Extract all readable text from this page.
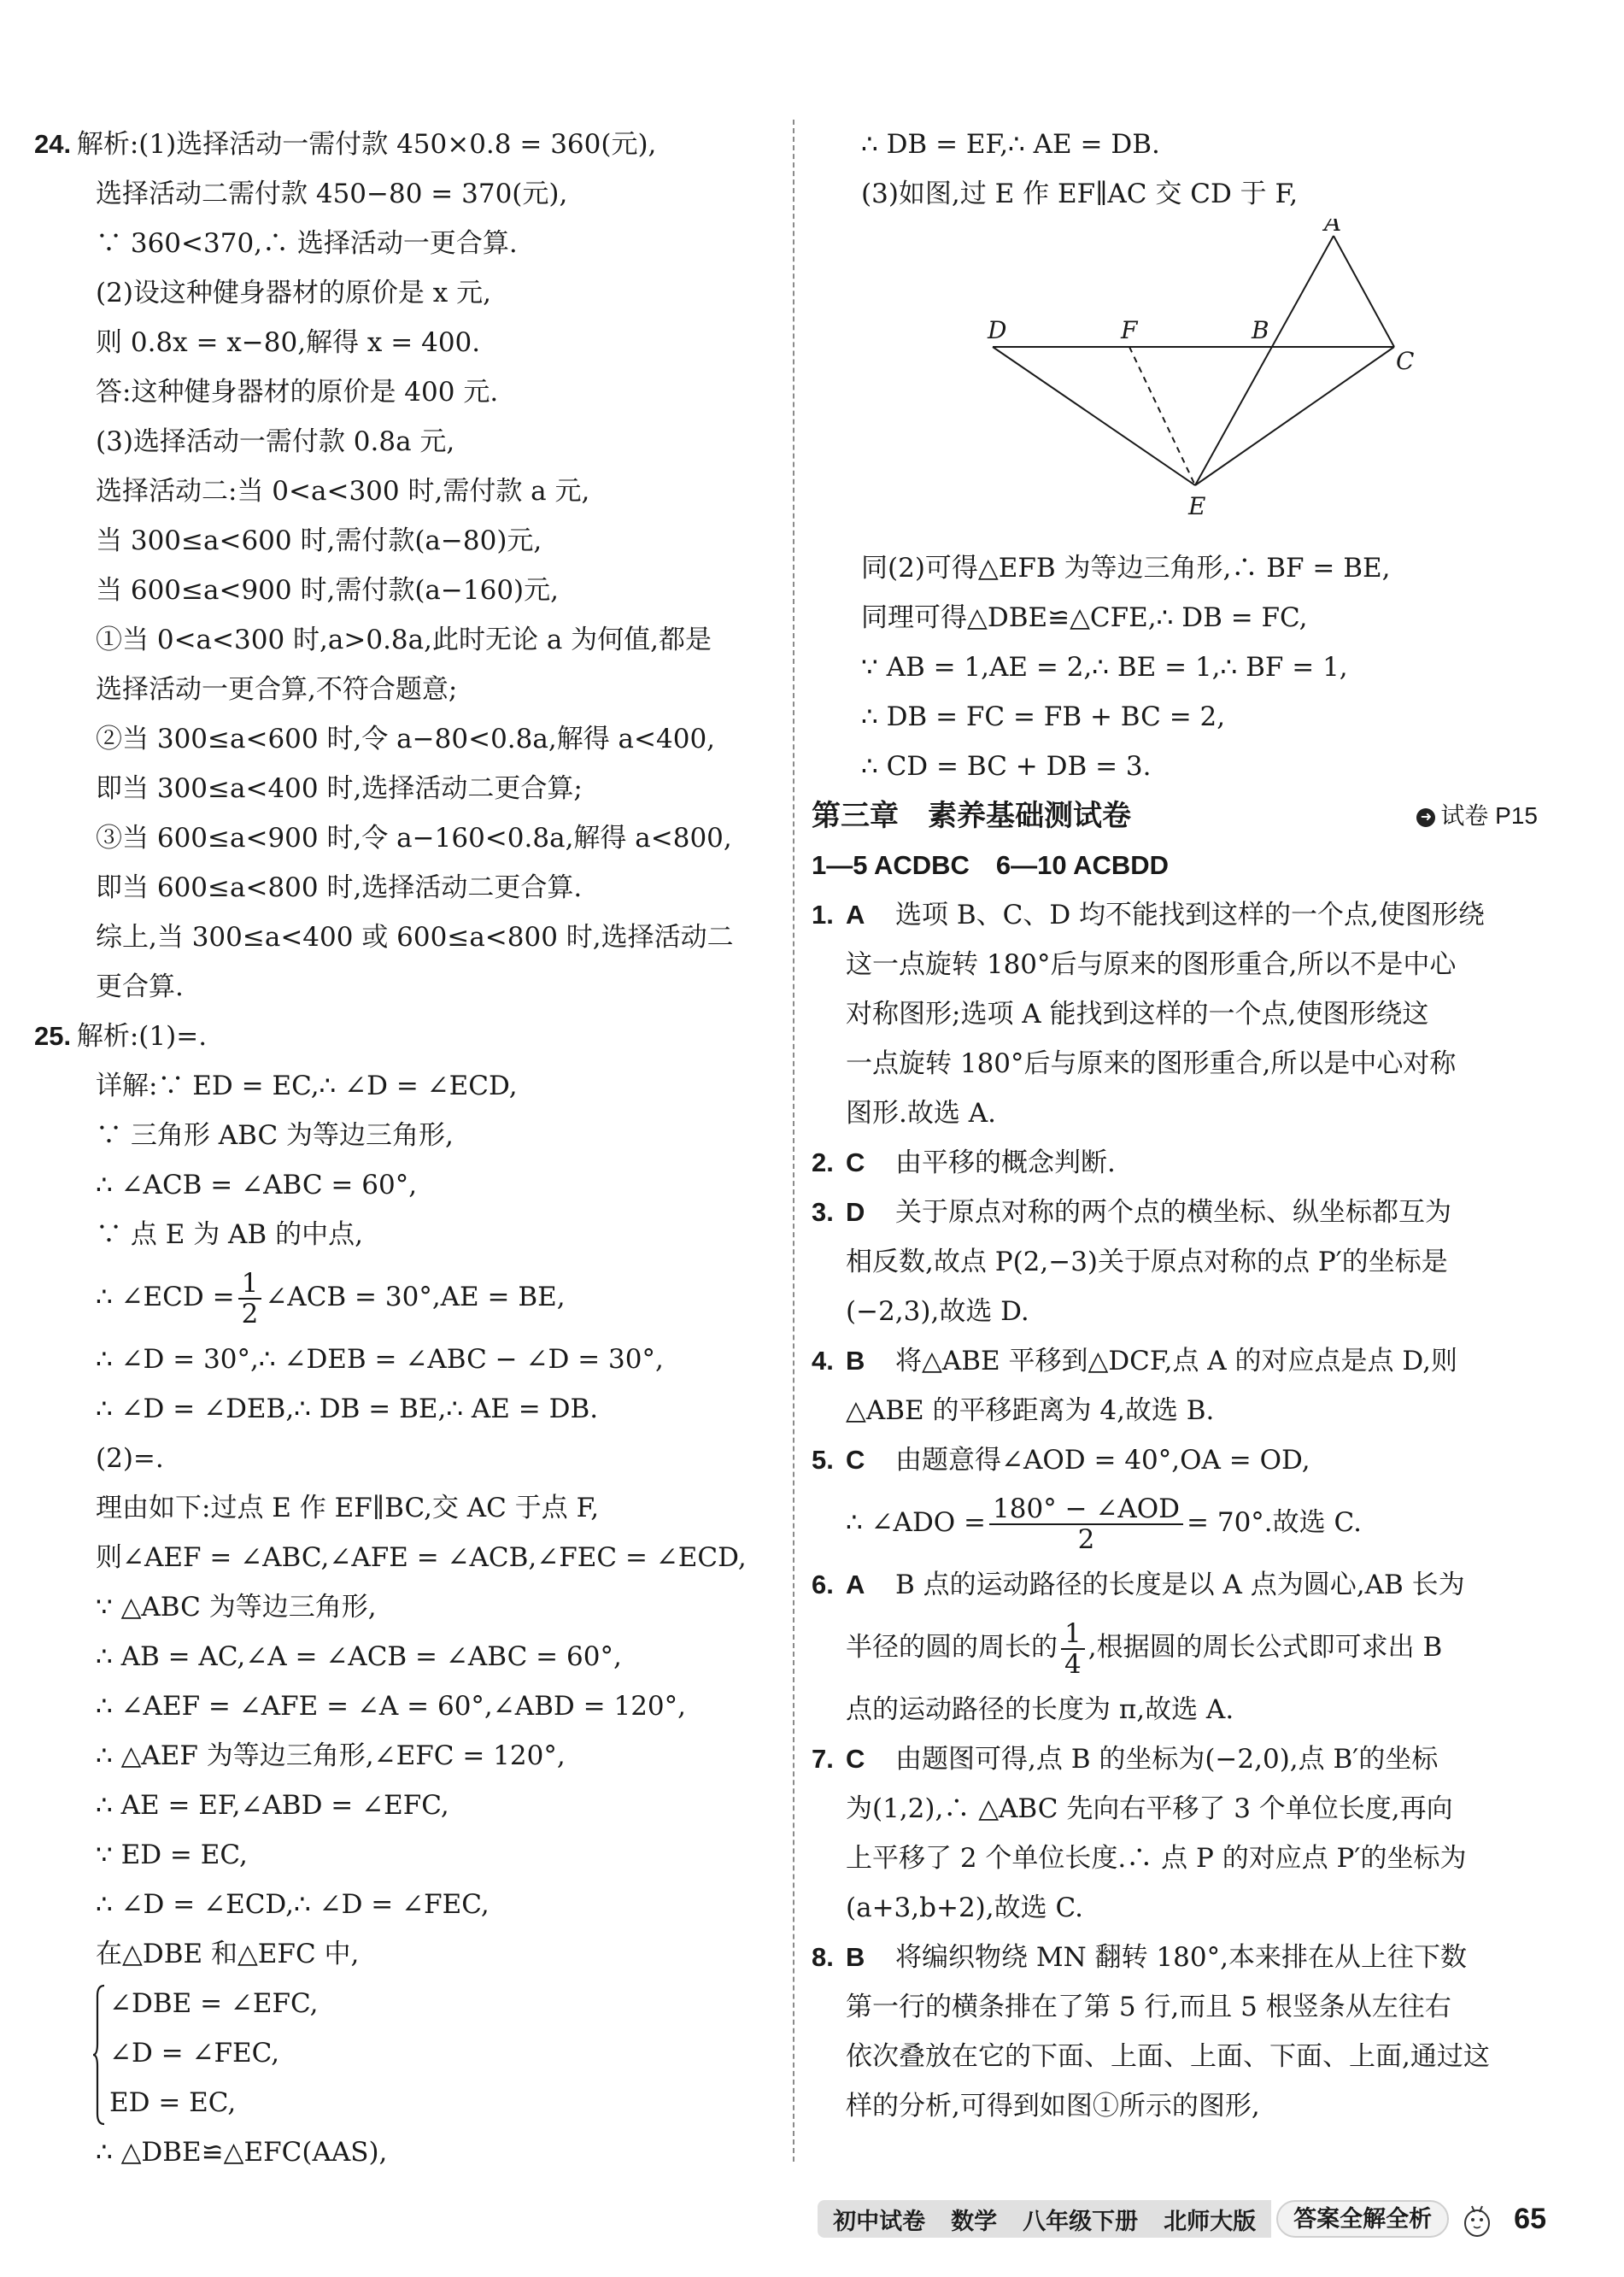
24. 解析:(1)选择活动一需付款 450×0.8 = 360(元),
选择活动二需付款 450−80 = 370(元),
∵ 360<370,∴ 选择活动一更合算.
(2)设这种健身器材的原价是 x 元,
则 0.8x = x−80,解得 x = 400.
答:这种健身器材的原价是 400 元.
(3)选择活动一需付款 0.8a 元,
选择活动二:当 0<a<300 时,需付款 a 元,
当 300≤a<600 时,需付款(a−80)元,
当 600≤a<900 时,需付款(a−160)元,
①当 0<a<300 时,a>0.8a,此时无论 a 为何值,都是
选择活动一更合算,不符合题意;
②当 300≤a<600 时,令 a−80<0.8a,解得 a<400,
即当 300≤a<400 时,选择活动二更合算;
③当 600≤a<900 时,令 a−160<0.8a,解得 a<800,
即当 600≤a<800 时,选择活动二更合算.
综上,当 300≤a<400 或 600≤a<800 时,选择活动二
更合算.
25. 解析:(1)=.
详解:∵ ED = EC,∴ ∠D = ∠ECD,
∵ 三角形 ABC 为等边三角形,
∴ ∠ACB = ∠ABC = 60°,
∵ 点 E 为 AB 的中点,
∴ ∠ECD = $\frac{1}{2}$ ∠ACB = 30°,AE = BE,
∴ ∠D = 30°,∴ ∠DEB = ∠ABC − ∠D = 30°,
∴ ∠D = ∠DEB,∴ DB = BE,∴ AE = DB.
(2)=.
理由如下:过点 E 作 EF∥BC,交 AC 于点 F,
则∠AEF = ∠ABC,∠AFE = ∠ACB,∠FEC = ∠ECD,
∵ △ABC 为等边三角形,
∴ AB = AC,∠A = ∠ACB = ∠ABC = 60°,
∴ ∠AEF = ∠AFE = ∠A = 60°,∠ABD = 120°,
∴ △AEF 为等边三角形,∠EFC = 120°,
∴ AE = EF,∠ABD = ∠EFC,
∵ ED = EC,
∴ ∠D = ∠ECD,∴ ∠D = ∠FEC,
在△DBE 和△EFC 中,
∠DBE = ∠EFC,
∠D = ∠FEC,
ED = EC,
∴ △DBE≌△EFC(AAS),
∴ DB = EF,∴ AE = DB.
(3)如图,过 E 作 EF∥AC 交 CD 于 F,
A
B
C
D
E
F
同(2)可得△EFB 为等边三角形,∴ BF = BE,
同理可得△DBE≌△CFE,∴ DB = FC,
∵ AB = 1,AE = 2,∴ BE = 1,∴ BF = 1,
∴ DB = FC = FB + BC = 2,
∴ CD = BC + DB = 3.
第三章　素养基础测试卷	➜ 试卷 P15
1—5 ACDBC　6—10 ACBDD
1. A 选项 B、C、D 均不能找到这样的一个点,使图形绕
这一点旋转 180°后与原来的图形重合,所以不是中心
对称图形;选项 A 能找到这样的一个点,使图形绕这
一点旋转 180°后与原来的图形重合,所以是中心对称
图形.故选 A.
2. C 由平移的概念判断.
3. D 关于原点对称的两个点的横坐标、纵坐标都互为
相反数,故点 P(2,−3)关于原点对称的点 P′的坐标是
(−2,3),故选 D.
4. B 将△ABE 平移到△DCF,点 A 的对应点是点 D,则
△ABE 的平移距离为 4,故选 B.
5. C 由题意得∠AOD = 40°,OA = OD,
∴ ∠ADO = $\frac{\text{180° − ∠AOD}}{2} = 70^\circ$.故选 C.
6. A B 点的运动路径的长度是以 A 点为圆心,AB 长为
半径的圆的周长的 $\frac{1}{4}$ ,根据圆的周长公式即可求出 B
点的运动路径的长度为 π,故选 A.
7. C 由题图可得,点 B 的坐标为(−2,0),点 B′的坐标
为(1,2),∴ △ABC 先向右平移了 3 个单位长度,再向
上平移了 2 个单位长度.∴ 点 P 的对应点 P′的坐标为
(a+3,b+2),故选 C.
8. B 将编织物绕 MN 翻转 180°,本来排在从上往下数
第一行的横条排在了第 5 行,而且 5 根竖条从左往右
依次叠放在它的下面、上面、上面、下面、上面,通过这
样的分析,可得到如图①所示的图形,
初中试卷 数学 八年级下册 北师大版	答案全解全析	65
